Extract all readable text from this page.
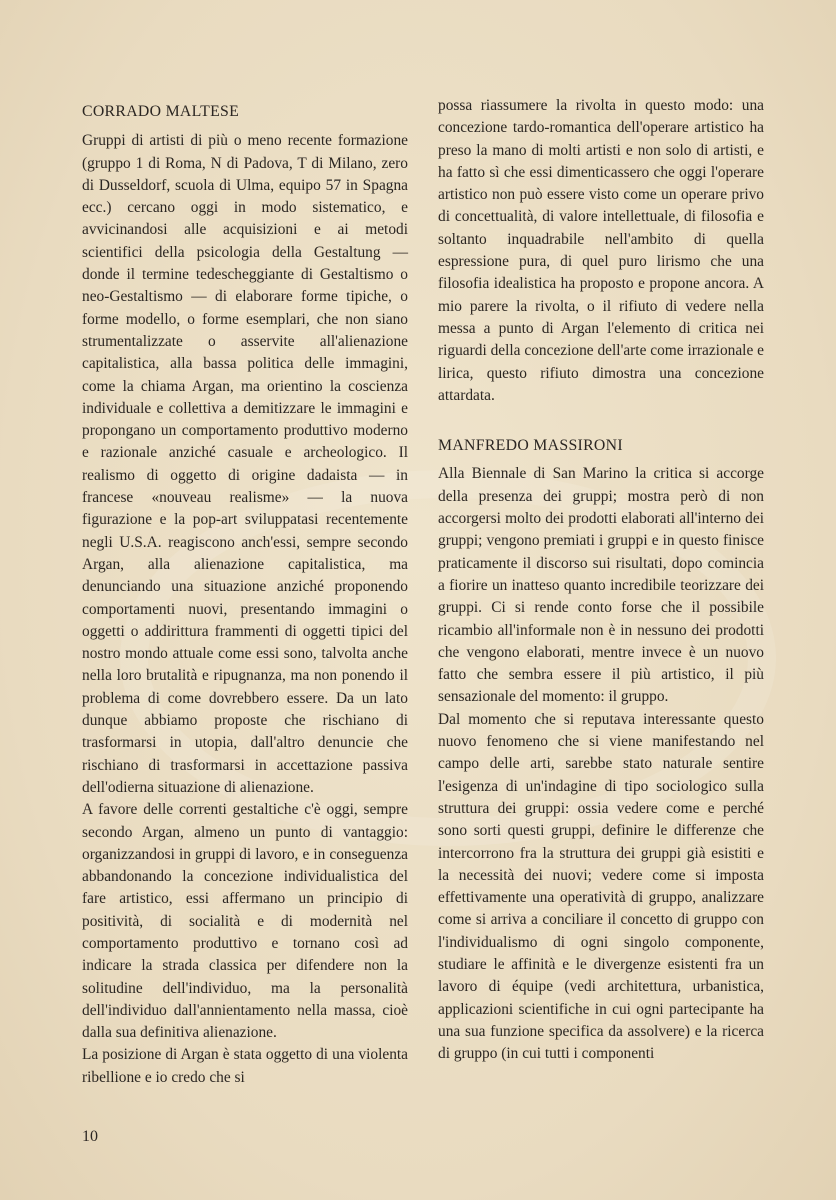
CORRADO MALTESE

Gruppi di artisti di più o meno recente formazione (gruppo 1 di Roma, N di Padova, T di Milano, zero di Dusseldorf, scuola di Ulma, equipo 57 in Spagna ecc.) cercano oggi in modo sistematico, e avvicinandosi alle acquisizioni e ai metodi scientifici della psicologia della Gestaltung — donde il termine tedescheggiante di Gestaltismo o neo-Gestaltismo — di elaborare forme tipiche, o forme modello, o forme esemplari, che non siano strumentalizzate o asservite all'alienazione capitalistica, alla bassa politica delle immagini, come la chiama Argan, ma orientino la coscienza individuale e collettiva a demitizzare le immagini e propongano un comportamento produttivo moderno e razionale anziché casuale e archeologico. Il realismo di oggetto di origine dadaista — in francese «nouveau realisme» — la nuova figurazione e la pop-art sviluppatasi recentemente negli U.S.A. reagiscono anch'essi, sempre secondo Argan, alla alienazione capitalistica, ma denunciando una situazione anziché proponendo comportamenti nuovi, presentando immagini o oggetti o addirittura frammenti di oggetti tipici del nostro mondo attuale come essi sono, talvolta anche nella loro brutalità e ripugnanza, ma non ponendo il problema di come dovrebbero essere. Da un lato dunque abbiamo proposte che rischiano di trasformarsi in utopia, dall'altro denuncie che rischiano di trasformarsi in accettazione passiva dell'odierna situazione di alienazione.

A favore delle correnti gestaltiche c'è oggi, sempre secondo Argan, almeno un punto di vantaggio: organizzandosi in gruppi di lavoro, e in conseguenza abbandonando la concezione individualistica del fare artistico, essi affermano un principio di positività, di socialità e di modernità nel comportamento produttivo e tornano così ad indicare la strada classica per difendere non la solitudine dell'individuo, ma la personalità dell'individuo dall'annientamento nella massa, cioè dalla sua definitiva alienazione.

La posizione di Argan è stata oggetto di una violenta ribellione e io credo che si

possa riassumere la rivolta in questo modo: una concezione tardo-romantica dell'operare artistico ha preso la mano di molti artisti e non solo di artisti, e ha fatto sì che essi dimenticassero che oggi l'operare artistico non può essere visto come un operare privo di concettualità, di valore intellettuale, di filosofia e soltanto inquadrabile nell'ambito di quella espressione pura, di quel puro lirismo che una filosofia idealistica ha proposto e propone ancora. A mio parere la rivolta, o il rifiuto di vedere nella messa a punto di Argan l'elemento di critica nei riguardi della concezione dell'arte come irrazionale e lirica, questo rifiuto dimostra una concezione attardata.

MANFREDO MASSIRONI

Alla Biennale di San Marino la critica si accorge della presenza dei gruppi; mostra però di non accorgersi molto dei prodotti elaborati all'interno dei gruppi; vengono premiati i gruppi e in questo finisce praticamente il discorso sui risultati, dopo comincia a fiorire un inatteso quanto incredibile teorizzare dei gruppi. Ci si rende conto forse che il possibile ricambio all'informale non è in nessuno dei prodotti che vengono elaborati, mentre invece è un nuovo fatto che sembra essere il più artistico, il più sensazionale del momento: il gruppo.

Dal momento che si reputava interessante questo nuovo fenomeno che si viene manifestando nel campo delle arti, sarebbe stato naturale sentire l'esigenza di un'indagine di tipo sociologico sulla struttura dei gruppi: ossia vedere come e perché sono sorti questi gruppi, definire le differenze che intercorrono fra la struttura dei gruppi già esistiti e la necessità dei nuovi; vedere come si imposta effettivamente una operatività di gruppo, analizzare come si arriva a conciliare il concetto di gruppo con l'individualismo di ogni singolo componente, studiare le affinità e le divergenze esistenti fra un lavoro di équipe (vedi architettura, urbanistica, applicazioni scientifiche in cui ogni partecipante ha una sua funzione specifica da assolvere) e la ricerca di gruppo (in cui tutti i componenti

10
